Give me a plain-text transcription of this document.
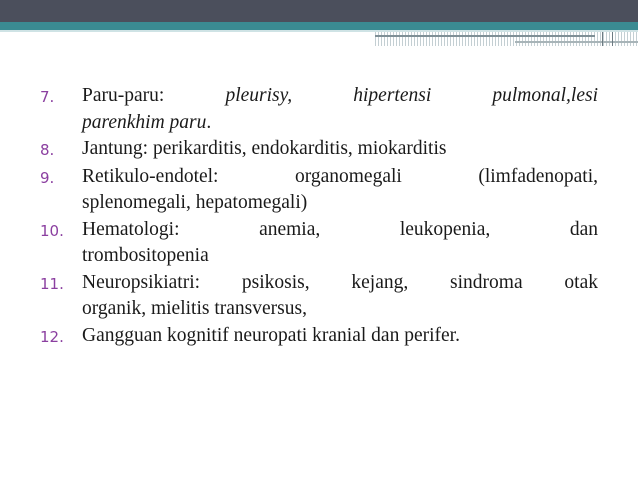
7.	Paru-paru:	pleurisy, hipertensi pulmonal,lesi
parenkhim paru.
8.	Jantung: perikarditis, endokarditis, miokarditis
9.	Retikulo-endotel: organomegali (limfadenopati,
splenomegali, hepatomegali)
10. Hematologi: anemia, leukopenia, dan
trombositopenia
11. Neuropsikiatri: psikosis, kejang, sindroma otak
organik, mielitis transversus,
12. Gangguan kognitif neuropati kranial dan perifer.
